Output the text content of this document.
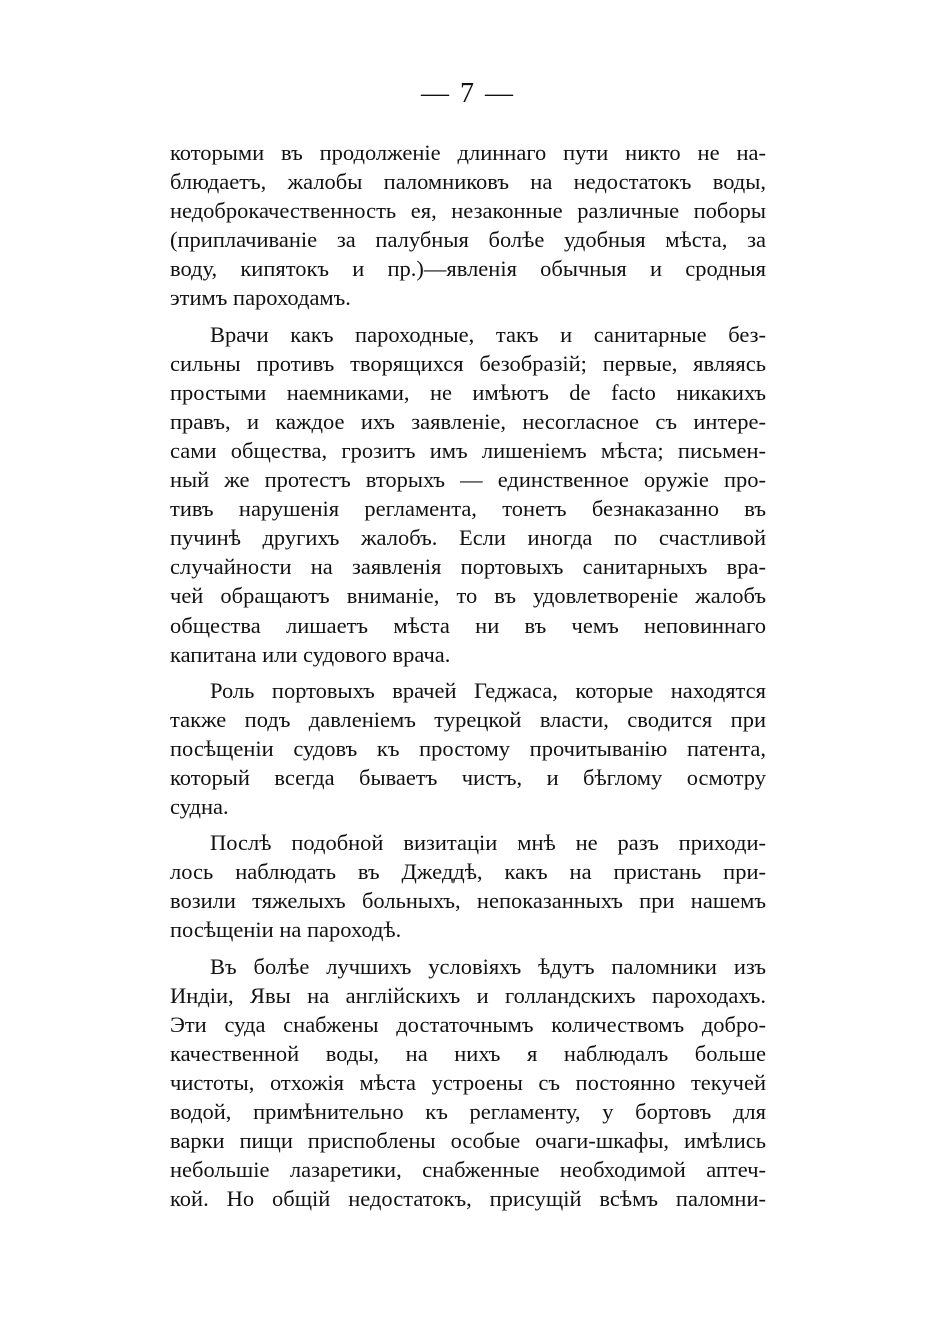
— 7 —
которыми въ продолженіе длиннаго пути никто не на-
блюдаетъ, жалобы паломниковъ на недостатокъ воды,
недоброкачественность ея, незаконные различные поборы
(приплачиваніе за палубныя болѣе удобныя мѣста, за
воду, кипятокъ и пр.)—явленія обычныя и сродныя
этимъ пароходамъ.
Врачи какъ пароходные, такъ и санитарные без-
сильны противъ творящихся безобразій; первые, являясь
простыми наемниками, не имѣютъ de facto никакихъ
правъ, и каждое ихъ заявленіе, несогласное съ интере-
сами общества, грозитъ имъ лишеніемъ мѣста; письмен-
ный же протестъ вторыхъ — единственное оружіе про-
тивъ нарушенія регламента, тонетъ безнаказанно въ
пучинѣ другихъ жалобъ. Если иногда по счастливой
случайности на заявленія портовыхъ санитарныхъ вра-
чей обращаютъ вниманіе, то въ удовлетвореніе жалобъ
общества лишаетъ мѣста ни въ чемъ неповиннаго
капитана или судового врача.
Роль портовыхъ врачей Геджаса, которые находятся
также подъ давленіемъ турецкой власти, сводится при
посѣщеніи судовъ къ простому прочитыванію патента,
который всегда бываетъ чистъ, и бѣглому осмотру
судна.
Послѣ подобной визитаціи мнѣ не разъ приходи-
лось наблюдать въ Джеддѣ, какъ на пристань при-
возили тяжелыхъ больныхъ, непоказанныхъ при нашемъ
посѣщеніи на пароходѣ.
Въ болѣе лучшихъ условіяхъ ѣдутъ паломники изъ
Индіи, Явы на англійскихъ и голландскихъ пароходахъ.
Эти суда снабжены достаточнымъ количествомъ добро-
качественной воды, на нихъ я наблюдалъ больше
чистоты, отхожія мѣста устроены съ постоянно текучей
водой, примѣнительно къ регламенту, у бортовъ для
варки пищи приспоблены особые очаги-шкафы, имѣлись
небольшіе лазаретики, снабженные необходимой аптеч-
кой. Но общій недостатокъ, присущій всѣмъ паломни-
